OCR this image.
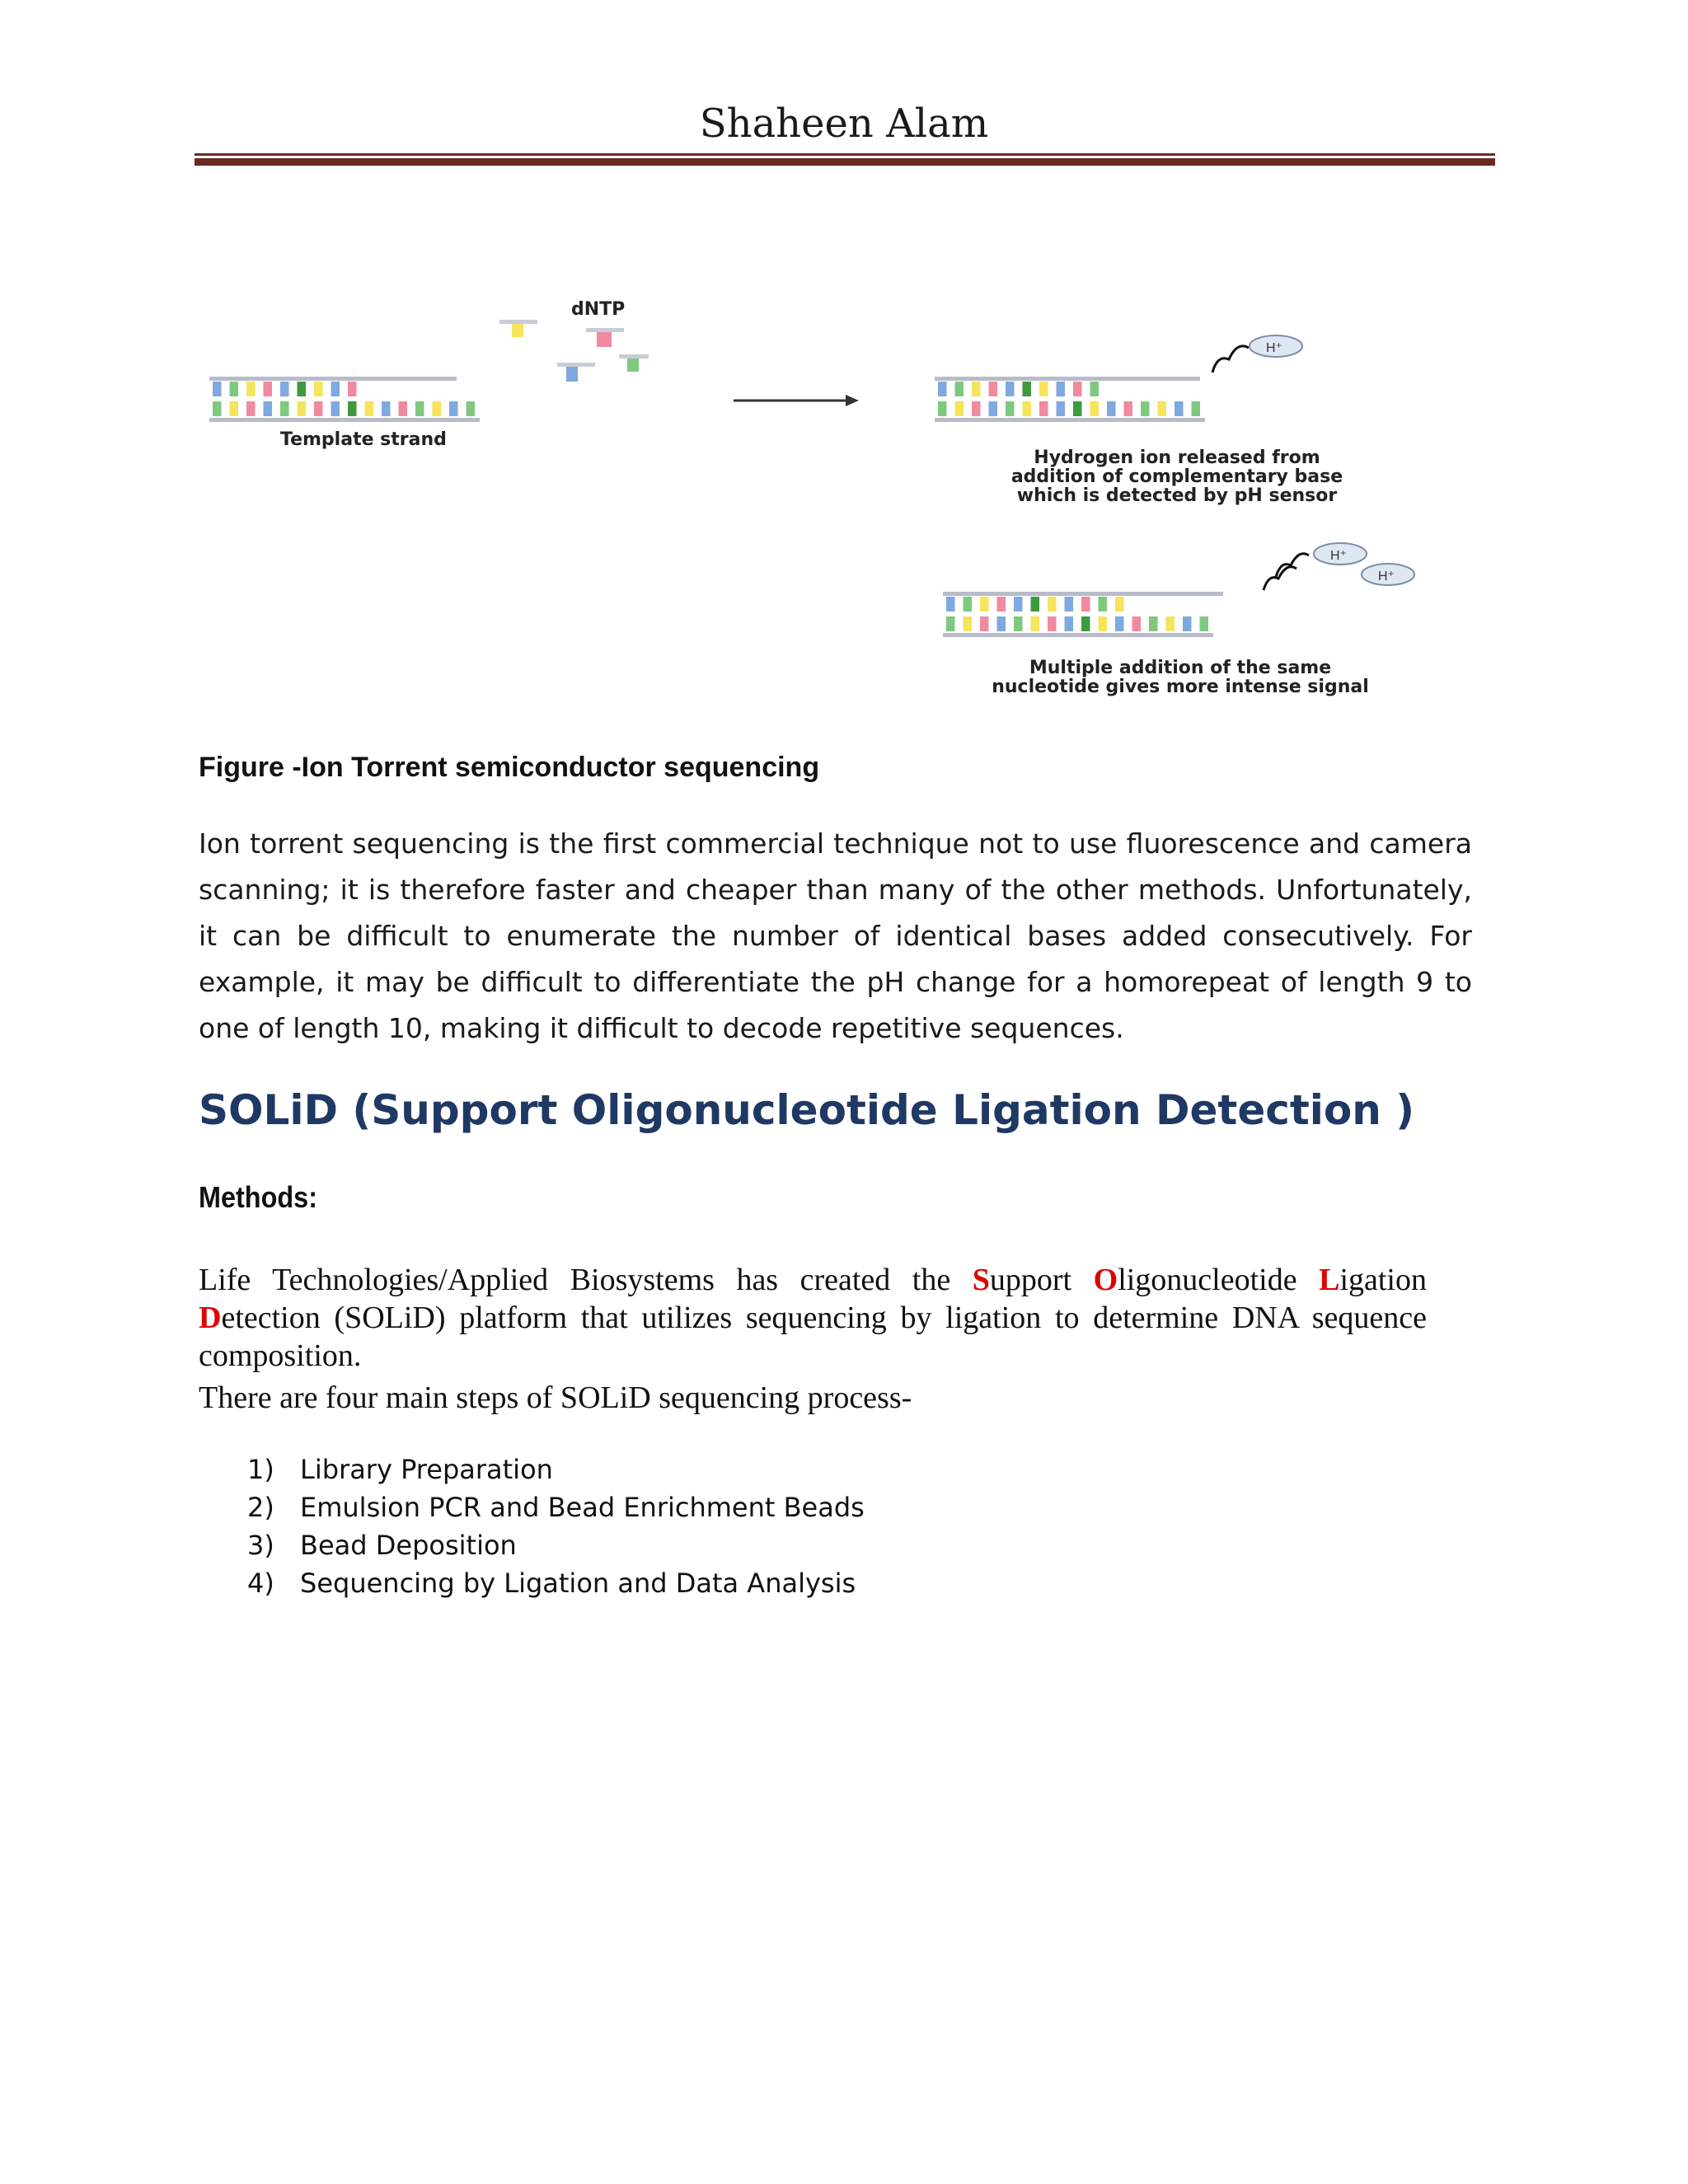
Shaheen Alam
dNTP
Template strand
H⁺
Hydrogen ion released from
addition of complementary base
which is detected by pH sensor
H⁺
H⁺
Multiple addition of the same
nucleotide gives more intense signal
Figure -Ion Torrent semiconductor sequencing
Ion torrent sequencing is the first commercial technique not to use fluorescence and camera scanning; it is therefore faster and cheaper than many of the other methods. Unfortunately, it can be difficult to enumerate the number of identical bases added consecutively. For example, it may be difficult to differentiate the pH change for a homorepeat of length 9 to one of length 10, making it difficult to decode repetitive sequences.
SOLiD (Support Oligonucleotide Ligation Detection )
Methods:
Life Technologies/Applied Biosystems has created the Support Oligonucleotide Ligation Detection (SOLiD) platform that utilizes sequencing by ligation to determine DNA sequence composition.
There are four main steps of SOLiD sequencing process-
1) Library Preparation
2) Emulsion PCR and Bead Enrichment Beads
3) Bead Deposition
4) Sequencing by Ligation and Data Analysis
